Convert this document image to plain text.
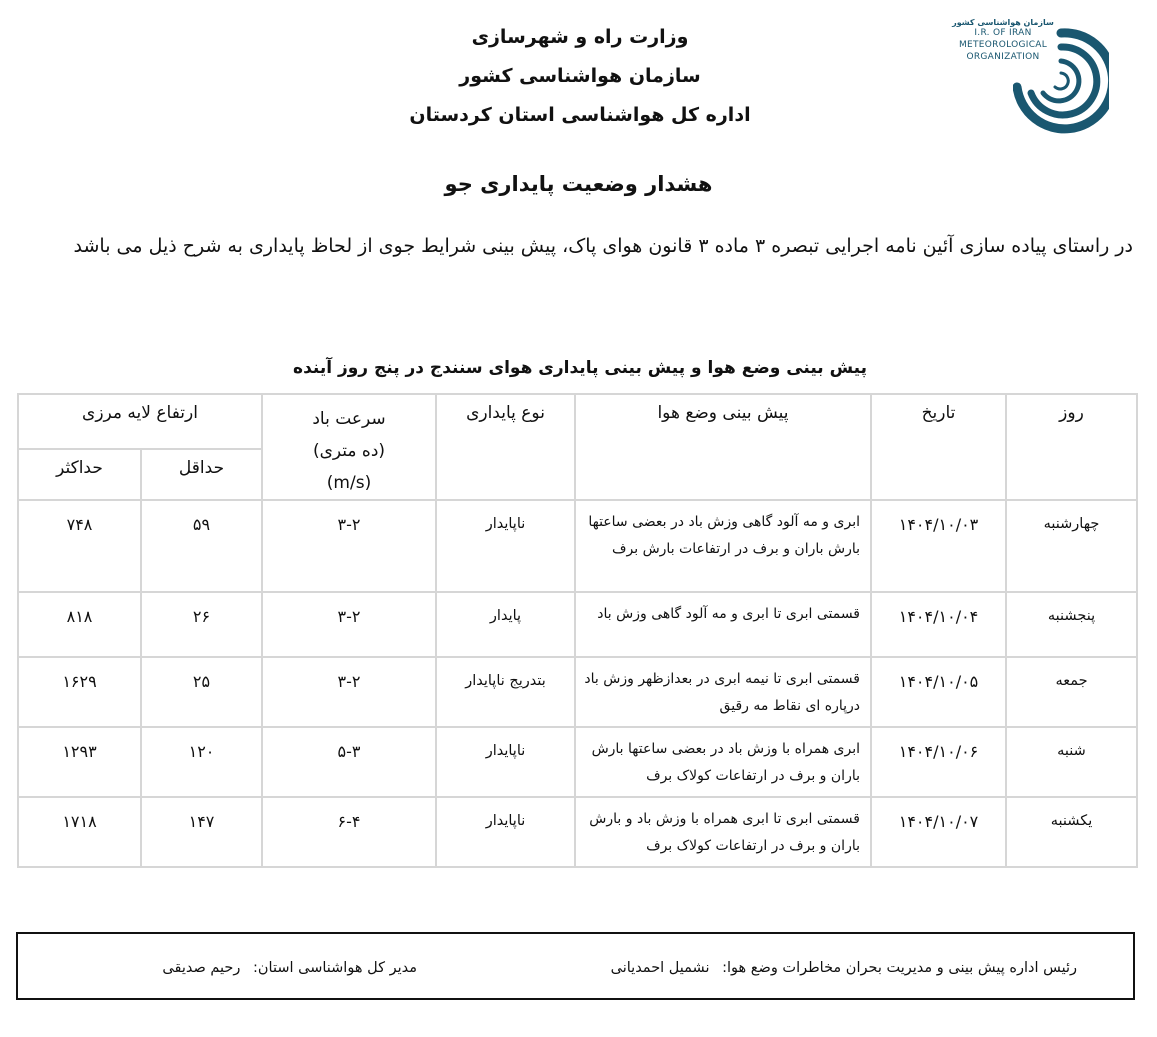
سازمان هواشناسی کشور
I.R. OF IRAN
METEOROLOGICAL
ORGANIZATION
وزارت راه و شهرسازی
سازمان هواشناسی کشور
اداره کل هواشناسی استان کردستان
هشدار وضعیت پایداری جو
در راستای پیاده سازی آئین نامه اجرایی تبصره ۳ ماده ۳ قانون هوای پاک، پیش بینی شرایط جوی از لحاظ پایداری به شرح ذیل می باشد
پیش بینی وضع هوا و پیش بینی پایداری هوای سنندج در پنج روز آینده
روز	تاریخ	پیش بینی وضع هوا	نوع پایداری	سرعت باد
(ده متری)
(m/s)	ارتفاع لایه مرزی	
					حداقل	حداکثر
چهارشنبه	۱۴۰۴/۱۰/۰۳	ابری و مه آلود گاهی وزش باد در بعضی ساعتها بارش باران و برف در ارتفاعات بارش برف	ناپایدار	۳-۲	۵۹	۷۴۸
پنجشنبه	۱۴۰۴/۱۰/۰۴	قسمتی ابری تا ابری و مه آلود گاهی وزش باد	پایدار	۳-۲	۲۶	۸۱۸
جمعه	۱۴۰۴/۱۰/۰۵	قسمتی ابری تا نیمه ابری در بعدازظهر وزش باد درپاره ای نقاط مه رقیق	بتدریج ناپایدار	۳-۲	۲۵	۱۶۲۹
شنبه	۱۴۰۴/۱۰/۰۶	ابری همراه با وزش باد در بعضی ساعتها بارش باران و برف در ارتفاعات کولاک برف	ناپایدار	۵-۳	۱۲۰	۱۲۹۳
یکشنبه	۱۴۰۴/۱۰/۰۷	قسمتی ابری تا ابری همراه با وزش باد و بارش باران و برف در ارتفاعات کولاک برف	ناپایدار	۶-۴	۱۴۷	۱۷۱۸
رئیس اداره پیش بینی و مدیریت بحران مخاطرات وضع هوا: نشمیل احمدیانی
مدیر کل هواشناسی استان: رحیم صدیقی
